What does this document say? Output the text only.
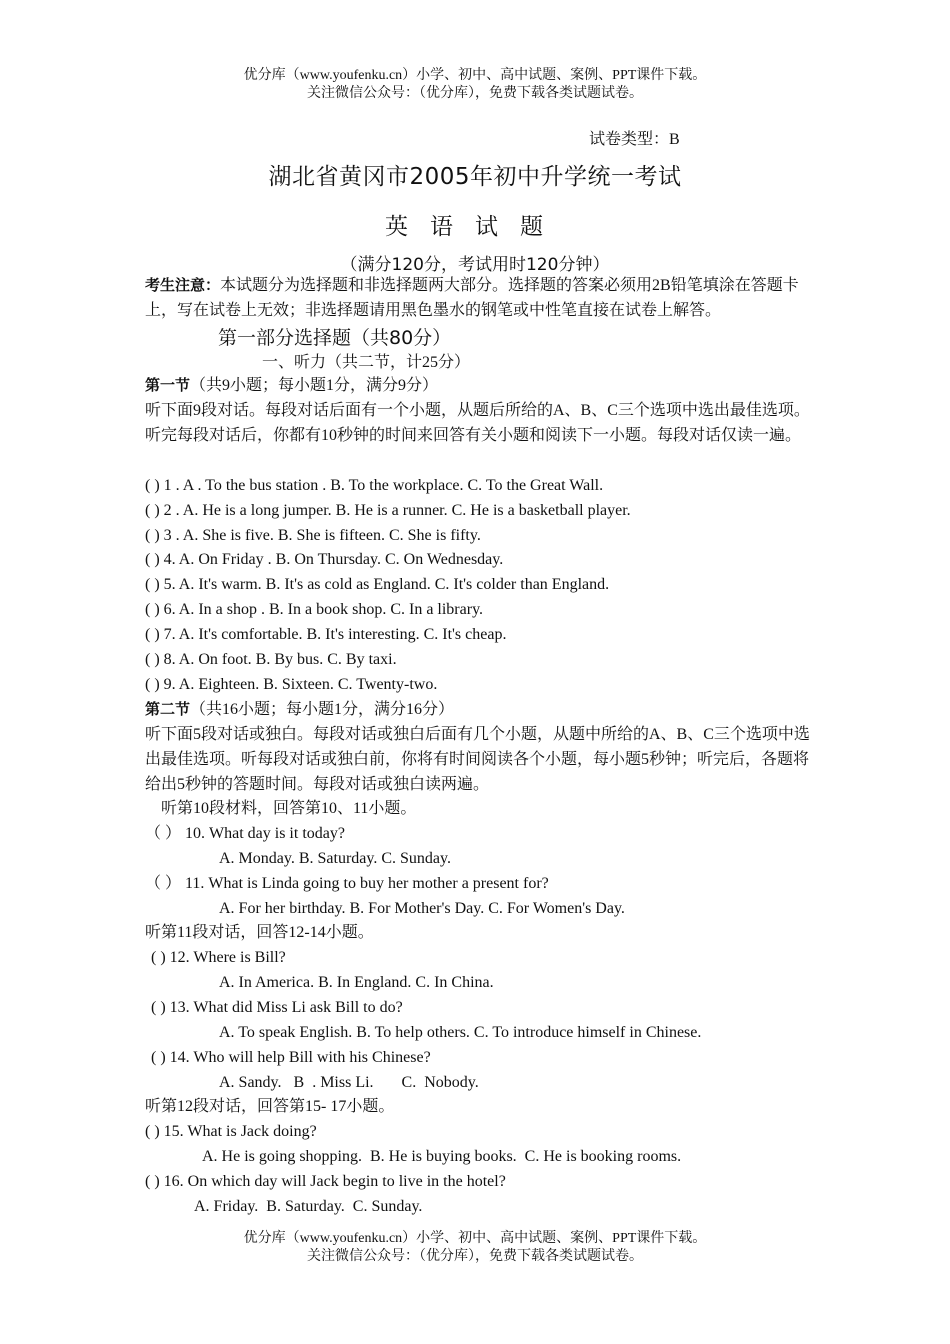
优分库（www.youfenku.cn）小学、初中、高中试题、案例、PPT课件下载。
关注微信公众号：（优分库），免费下载各类试题试卷。
试卷类型：B
湖北省黄冈市2005年初中升学统一考试
英语试题
（满分120分，考试用时120分钟）
考生注意：本试题分为选择题和非选择题两大部分。选择题的答案必须用2B铅笔填涂在答题卡上，写在试卷上无效；非选择题请用黑色墨水的钢笔或中性笔直接在试卷上解答。
第一部分选择题（共80分）
一、听力（共二节，计25分）
第一节（共9小题；每小题1分，满分9分）
听下面9段对话。每段对话后面有一个小题，从题后所给的A、B、C三个选项中选出最佳选项。听完每段对话后，你都有10秒钟的时间来回答有关小题和阅读下一小题。每段对话仅读一遍。
( ) 1 . A . To the bus station . B. To the workplace. C. To the Great Wall.
( ) 2 . A. He is a long jumper. B. He is a runner. C. He is a basketball player.
( ) 3 . A. She is five. B. She is fifteen. C. She is fifty.
( ) 4. A. On Friday . B. On Thursday. C. On Wednesday.
( ) 5. A. It's warm. B. It's as cold as England. C. It's colder than England.
( ) 6. A. In a shop . B. In a book shop. C. In a library.
( ) 7. A. It's comfortable. B. It's interesting. C. It's cheap.
( ) 8. A. On foot. B. By bus. C. By taxi.
( ) 9. A. Eighteen. B. Sixteen. C. Twenty-two.
第二节（共16小题；每小题1分，满分16分）
听下面5段对话或独白。每段对话或独白后面有几个小题，从题中所给的A、B、C三个选项中选出最佳选项。听每段对话或独白前，你将有时间阅读各个小题，每小题5秒钟；听完后，各题将给出5秒钟的答题时间。每段对话或独白读两遍。
听第10段材料，回答第10、11小题。
（ ） 10. What day is it today?
A. Monday. B. Saturday. C. Sunday.
（ ） 11. What is Linda going to buy her mother a present for?
A. For her birthday. B. For Mother's Day. C. For Women's Day.
听第11段对话，回答12-14小题。
( ) 12. Where is Bill?
A. In America. B. In England. C. In China.
( ) 13. What did Miss Li ask Bill to do?
A. To speak English. B. To help others. C. To introduce himself in Chinese.
( ) 14. Who will help Bill with his Chinese?
A. Sandy.   B  . Miss Li.       C.  Nobody.
听第12段对话，回答第15- 17小题。
( ) 15. What is Jack doing?
A. He is going shopping.  B. He is buying books.  C. He is booking rooms.
( ) 16. On which day will Jack begin to live in the hotel?
A. Friday.  B. Saturday.  C. Sunday.
优分库（www.youfenku.cn）小学、初中、高中试题、案例、PPT课件下载。
关注微信公众号：（优分库），免费下载各类试题试卷。
